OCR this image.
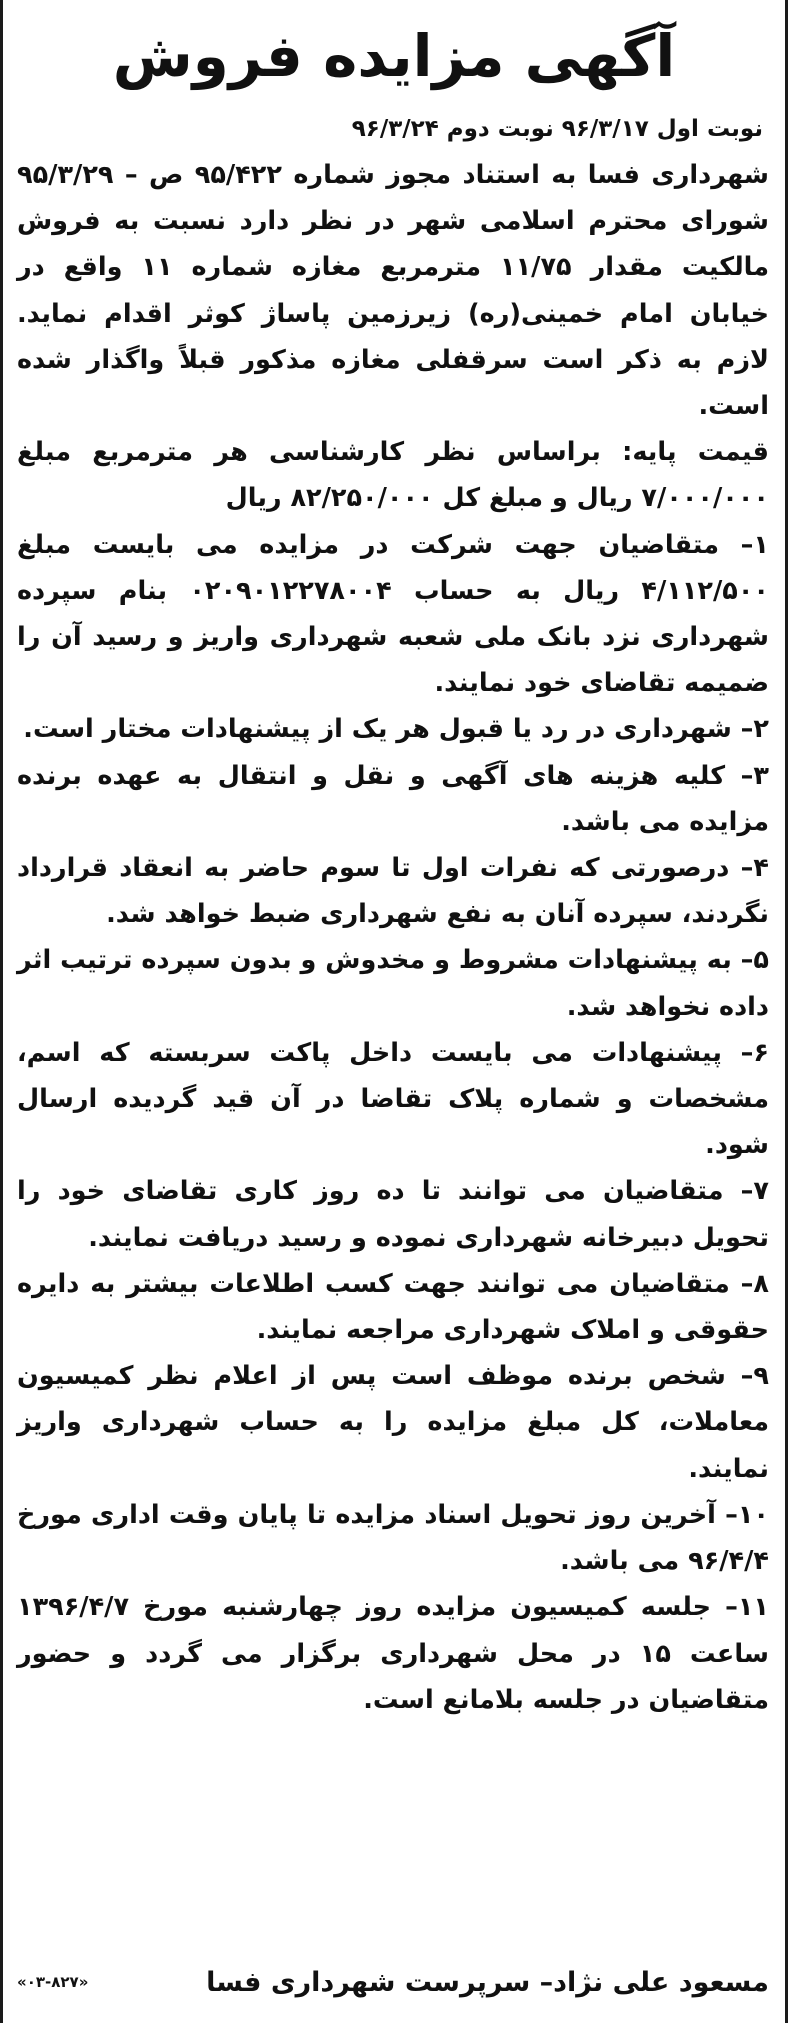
آگهی مزایده فروش
نوبت اول ۹۶/۳/۱۷ نوبت دوم ۹۶/۳/۲۴

شهرداری فسا به استناد مجوز شماره ۹۵/۴۲۲ ص – ۹۵/۳/۲۹ شورای محترم اسلامی شهر در نظر دارد نسبت به فروش مالکیت مقدار ۱۱/۷۵ مترمربع مغازه شماره ۱۱ واقع در خیابان امام خمینی(ره) زیرزمین پاساژ کوثر اقدام نماید. لازم به ذکر است سرقفلی مغازه مذکور قبلاً واگذار شده است.

قیمت پایه: براساس نظر کارشناسی هر مترمربع مبلغ ۷/۰۰۰/۰۰۰ ریال و مبلغ کل ۸۲/۲۵۰/۰۰۰ ریال

۱– متقاضیان جهت شرکت در مزایده می بایست مبلغ ۴/۱۱۲/۵۰۰ ریال به حساب ۰۲۰۹۰۱۲۲۷۸۰۰۴ بنام سپرده شهرداری نزد بانک ملی شعبه شهرداری واریز و رسید آن را ضمیمه تقاضای خود نمایند.

۲– شهرداری در رد یا قبول هر یک از پیشنهادات مختار است.

۳– کلیه هزینه های آگهی و نقل و انتقال به عهده برنده مزایده می باشد.

۴– درصورتی که نفرات اول تا سوم حاضر به انعقاد قرارداد نگردند، سپرده آنان به نفع شهرداری ضبط خواهد شد.

۵– به پیشنهادات مشروط و مخدوش و بدون سپرده ترتیب اثر داده نخواهد شد.

۶– پیشنهادات می بایست داخل پاکت سربسته که اسم، مشخصات و شماره پلاک تقاضا در آن قید گردیده ارسال شود.

۷– متقاضیان می توانند تا ده روز کاری تقاضای خود را تحویل دبیرخانه شهرداری نموده و رسید دریافت نمایند.

۸– متقاضیان می توانند جهت کسب اطلاعات بیشتر به دایره حقوقی و املاک شهرداری مراجعه نمایند.

۹– شخص برنده موظف است پس از اعلام نظر کمیسیون معاملات، کل مبلغ مزایده را به حساب شهرداری واریز نمایند.

۱۰– آخرین روز تحویل اسناد مزایده تا پایان وقت اداری مورخ ۹۶/۴/۴ می باشد.

۱۱– جلسه کمیسیون مزایده روز چهارشنبه مورخ ۱۳۹۶/۴/۷ ساعت ۱۵ در محل شهرداری برگزار می گردد و حضور متقاضیان در جلسه بلامانع است.

مسعود علی نژاد– سرپرست شهرداری فسا
«۰۳-۸۲۷»
